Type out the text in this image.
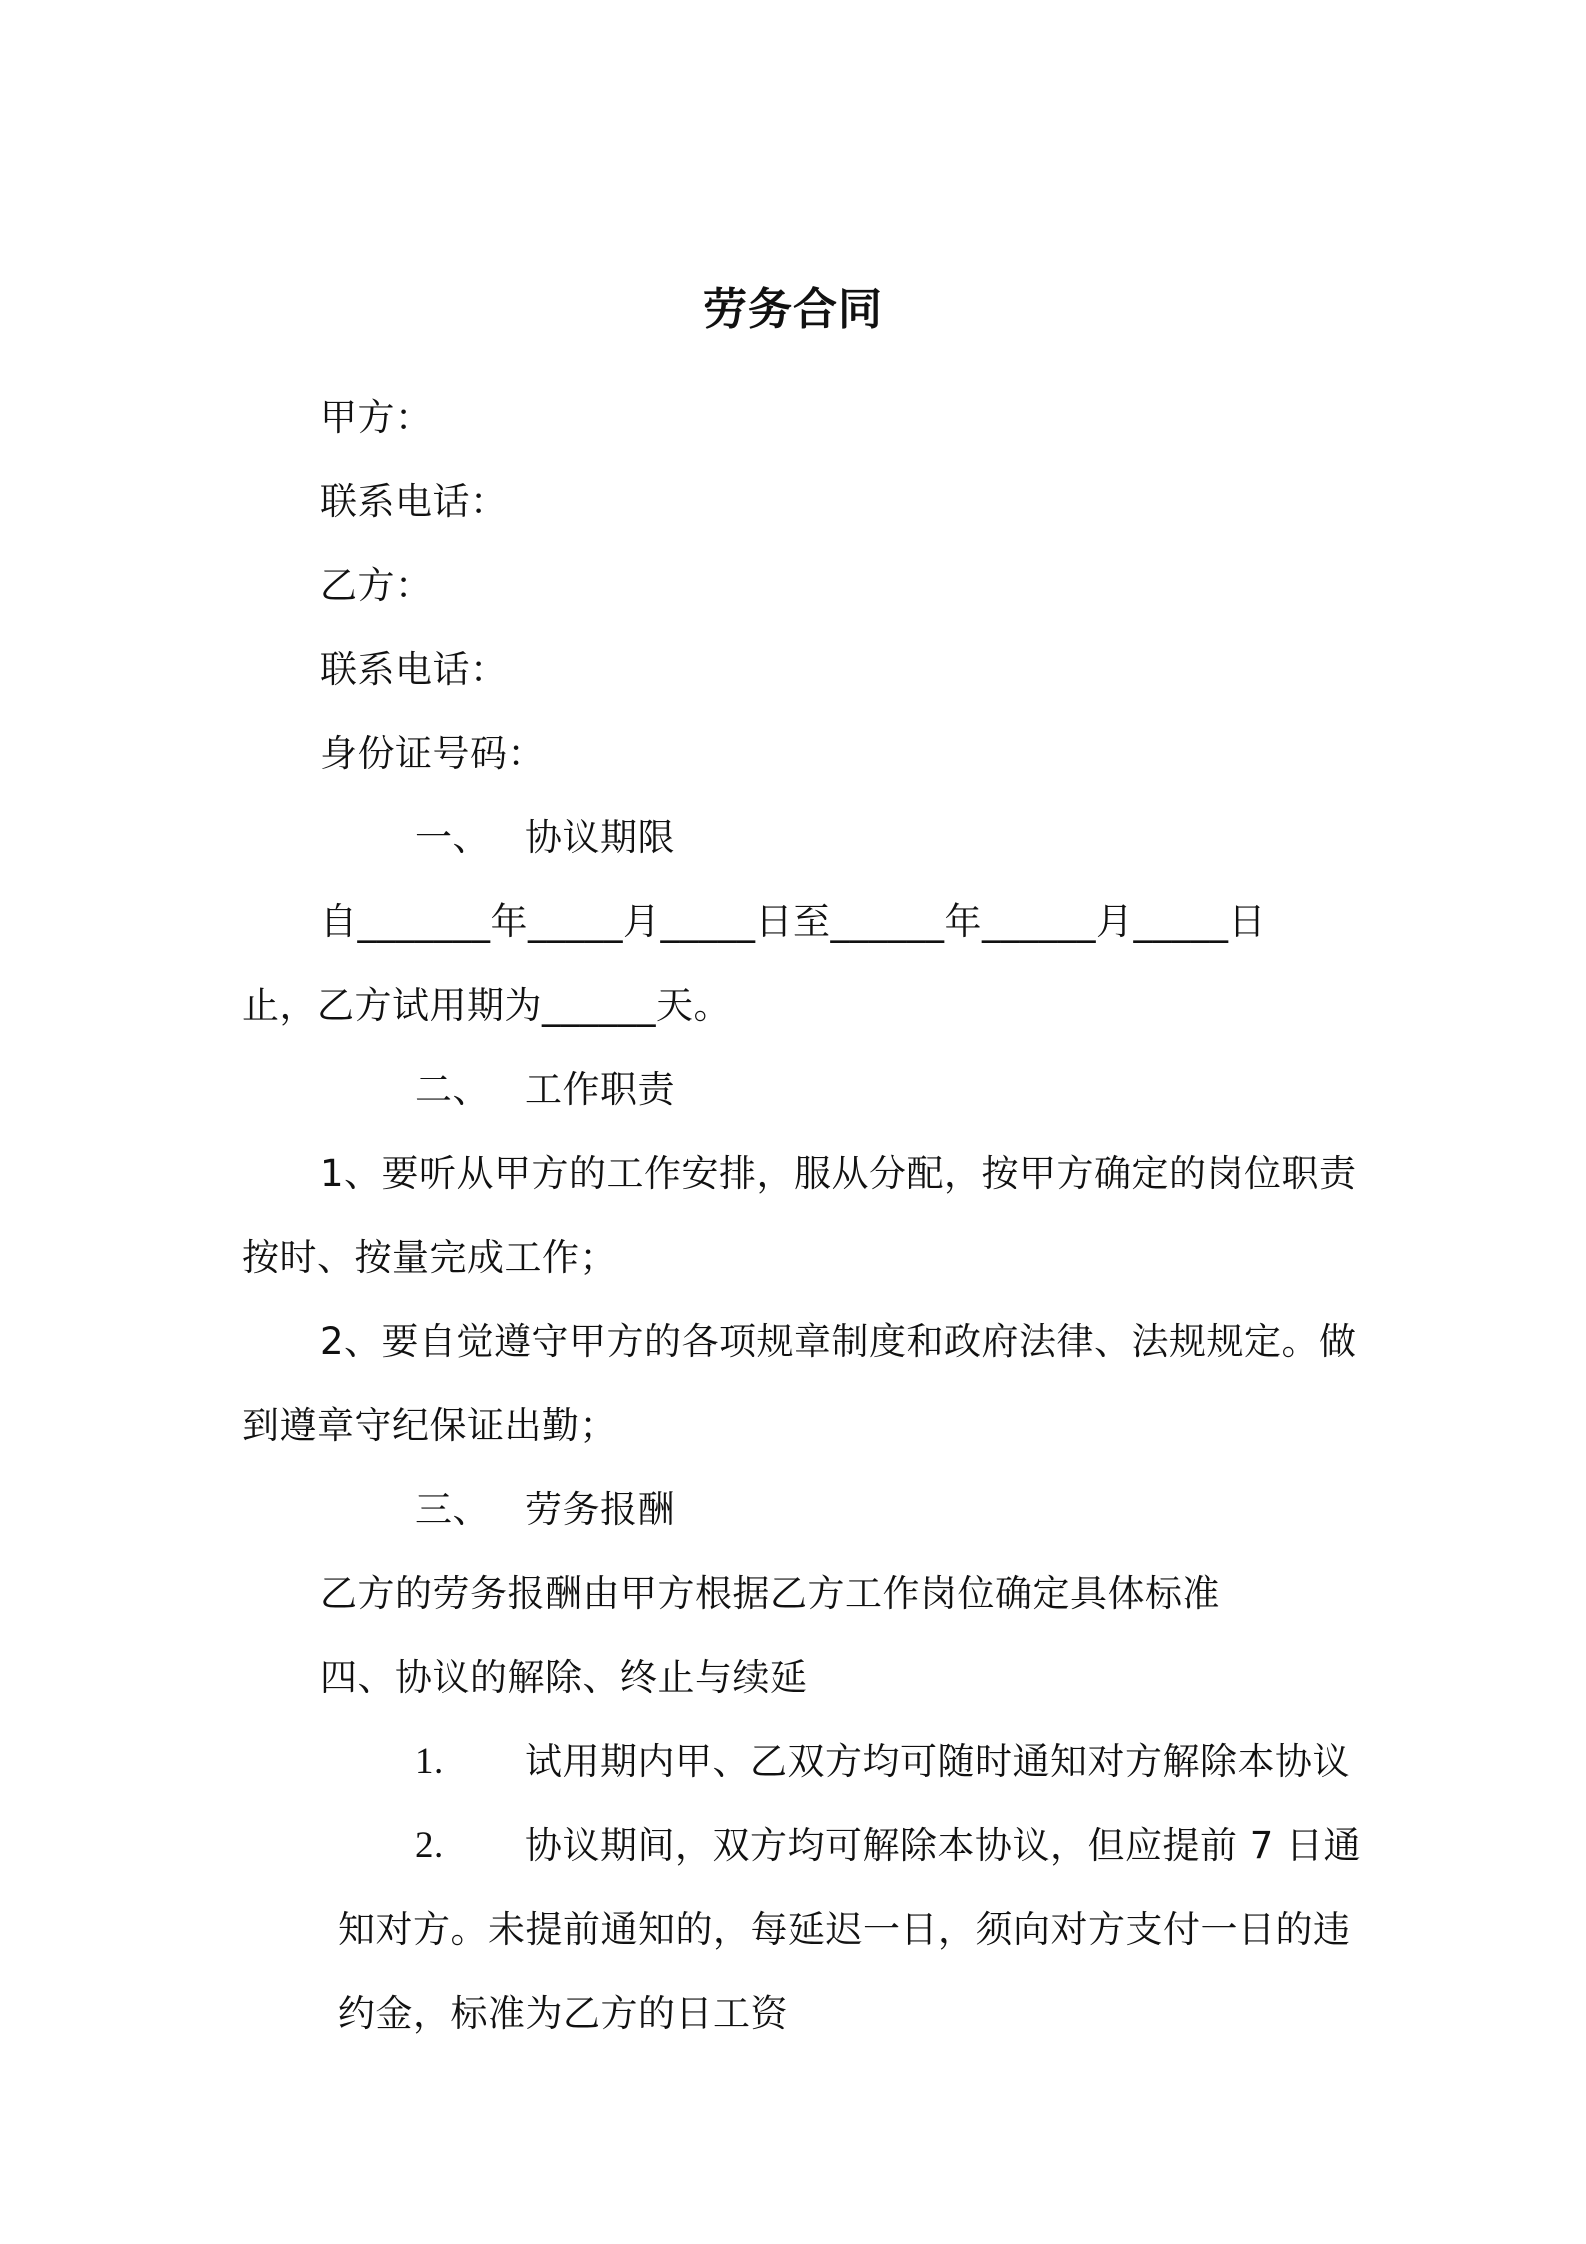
劳务合同
甲方：
联系电话：
乙方：
联系电话：
身份证号码：
一、 协议期限
自_______年_____月_____日至______年______月_____日
止，乙方试用期为______天。
二、 工作职责
1、要听从甲方的工作安排，服从分配，按甲方确定的岗位职责
按时、按量完成工作；
2、要自觉遵守甲方的各项规章制度和政府法律、法规规定。做
到遵章守纪保证出勤；
三、 劳务报酬
乙方的劳务报酬由甲方根据乙方工作岗位确定具体标准
四、协议的解除、终止与续延
1. 试用期内甲、乙双方均可随时通知对方解除本协议
2. 协议期间，双方均可解除本协议，但应提前 7 日通
知对方。未提前通知的，每延迟一日，须向对方支付一日的违
约金，标准为乙方的日工资
